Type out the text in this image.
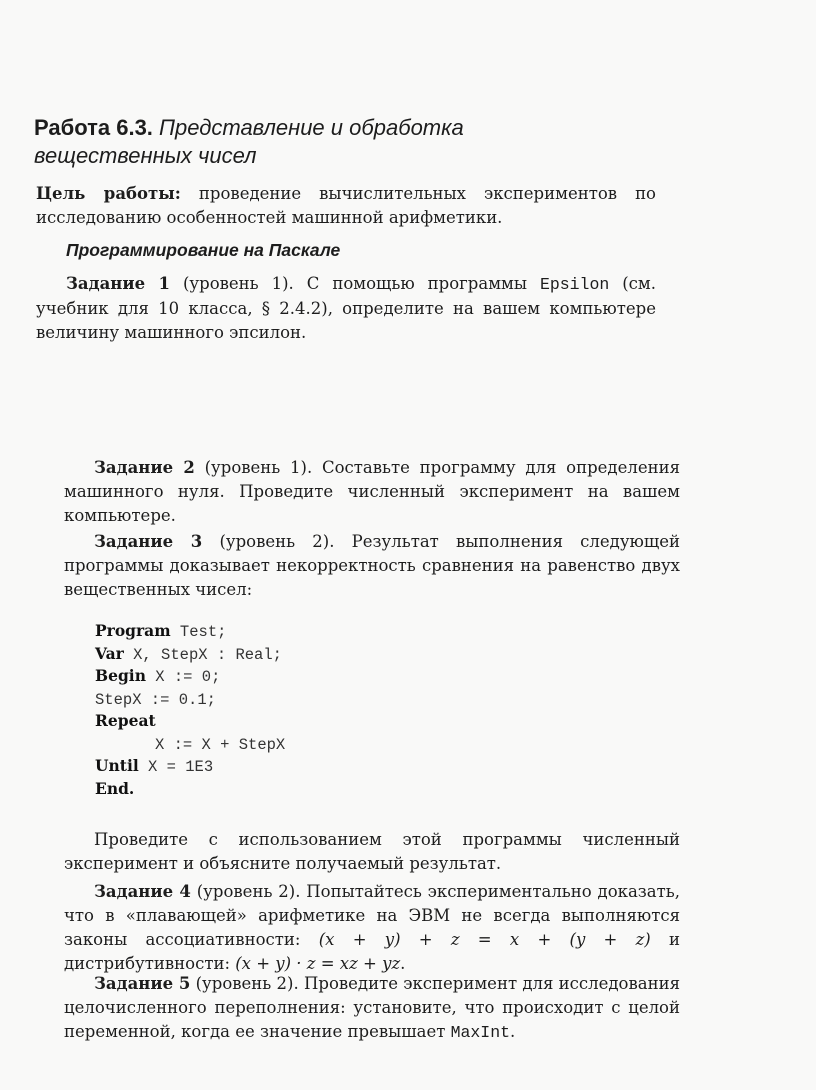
Работа 6.3. Представление и обработка
вещественных чисел
Цель работы: проведение вычислительных экспериментов по исследованию особенностей машинной арифметики.
Программирование на Паскале
Задание 1 (уровень 1). С помощью программы Epsilon (см. учебник для 10 класса, § 2.4.2), определите на вашем компьютере величину машинного эпсилон.
Задание 2 (уровень 1). Составьте программу для определения машинного нуля. Проведите численный эксперимент на вашем компьютере.
Задание 3 (уровень 2). Результат выполнения следующей программы доказывает некорректность сравнения на равенство двух вещественных чисел:
Program Test;
Var X, StepX : Real;
Begin X := 0;
StepX := 0.1;
Repeat
X := X + StepX
Until X = 1E3
End.
Проведите с использованием этой программы численный эксперимент и объясните получаемый результат.
Задание 4 (уровень 2). Попытайтесь экспериментально доказать, что в «плавающей» арифметике на ЭВМ не всегда выполняются законы ассоциативности: (x + y) + z = x + (y + z) и дистрибутивности: (x + y) · z = xz + yz.
Задание 5 (уровень 2). Проведите эксперимент для исследования целочисленного переполнения: установите, что происходит с целой переменной, когда ее значение превышает MaxInt.
